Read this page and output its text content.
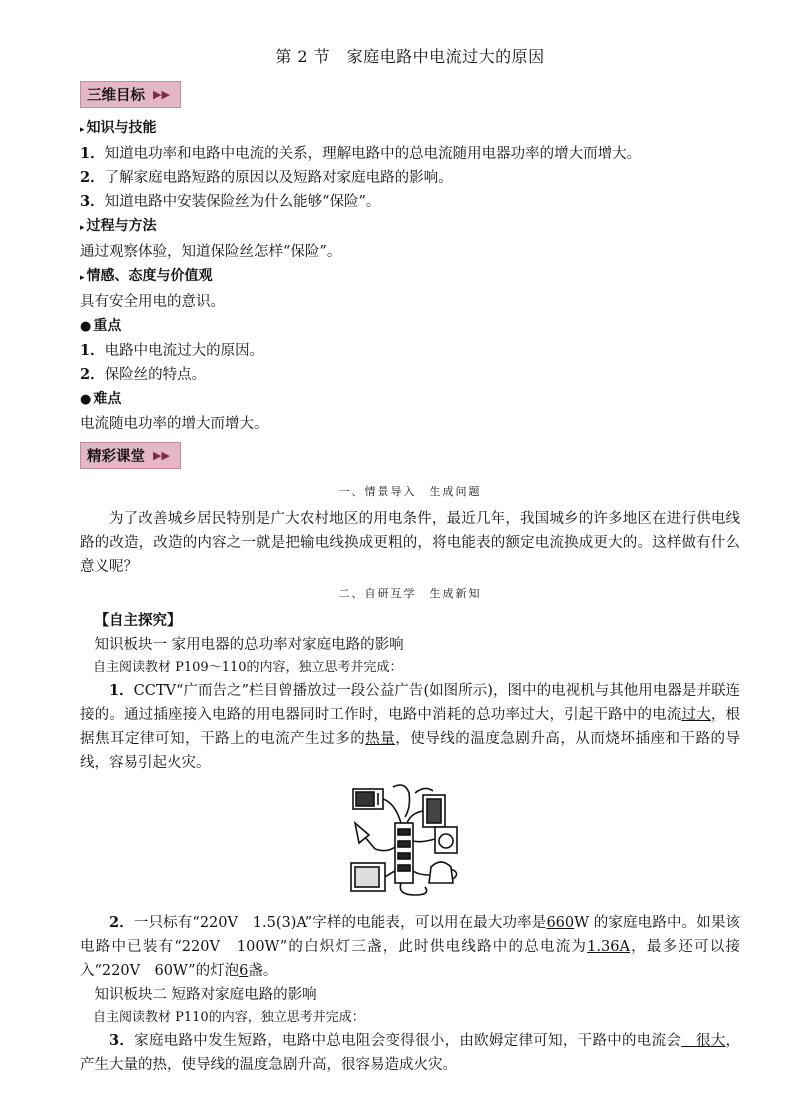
第 2 节　家庭电路中电流过大的原因
三维目标 ▶▶

▸ 知识与技能

1．知道电功率和电路中电流的关系，理解电路中的总电流随用电器功率的增大而增大。

2．了解家庭电路短路的原因以及短路对家庭电路的影响。

3．知道电路中安装保险丝为什么能够“保险”。

▸ 过程与方法

通过观察体验，知道保险丝怎样“保险”。

▸ 情感、态度与价值观

具有安全用电的意识。

● 重点

1．电路中电流过大的原因。

2．保险丝的特点。

● 难点

电流随电功率的增大而增大。

精彩课堂 ▶▶
一、情景导入　生成问题

为了改善城乡居民特别是广大农村地区的用电条件，最近几年，我国城乡的许多地区在进行供电线路的改造，改造的内容之一就是把输电线换成更粗的，将电能表的额定电流换成更大的。这样做有什么意义呢？

二、自研互学　生成新知

【自主探究】

知识板块一 家用电器的总功率对家庭电路的影响

自主阅读教材 P109～110的内容，独立思考并完成：

1．CCTV“广而告之”栏目曾播放过一段公益广告(如图所示)，图中的电视机与其他用电器是并联连接的。通过插座接入电路的用电器同时工作时，电路中消耗的总功率过大，引起干路中的电流过大，根据焦耳定律可知，干路上的电流产生过多的热量，使导线的温度急剧升高，从而烧坏插座和干路的导线，容易引起火灾。

2．一只标有“220V　1.5(3)A”字样的电能表，可以用在最大功率是660W 的家庭电路中。如果该电路中已装有“220V　100W”的白炽灯三盏，此时供电线路中的总电流为1.36A，最多还可以接入“220V　60W”的灯泡6盏。

知识板块二 短路对家庭电路的影响

自主阅读教材 P110的内容，独立思考并完成：

3．家庭电路中发生短路，电路中总电阻会变得很小，由欧姆定律可知，干路中的电流会　很大，产生大量的热，使导线的温度急剧升高，很容易造成火灾。
